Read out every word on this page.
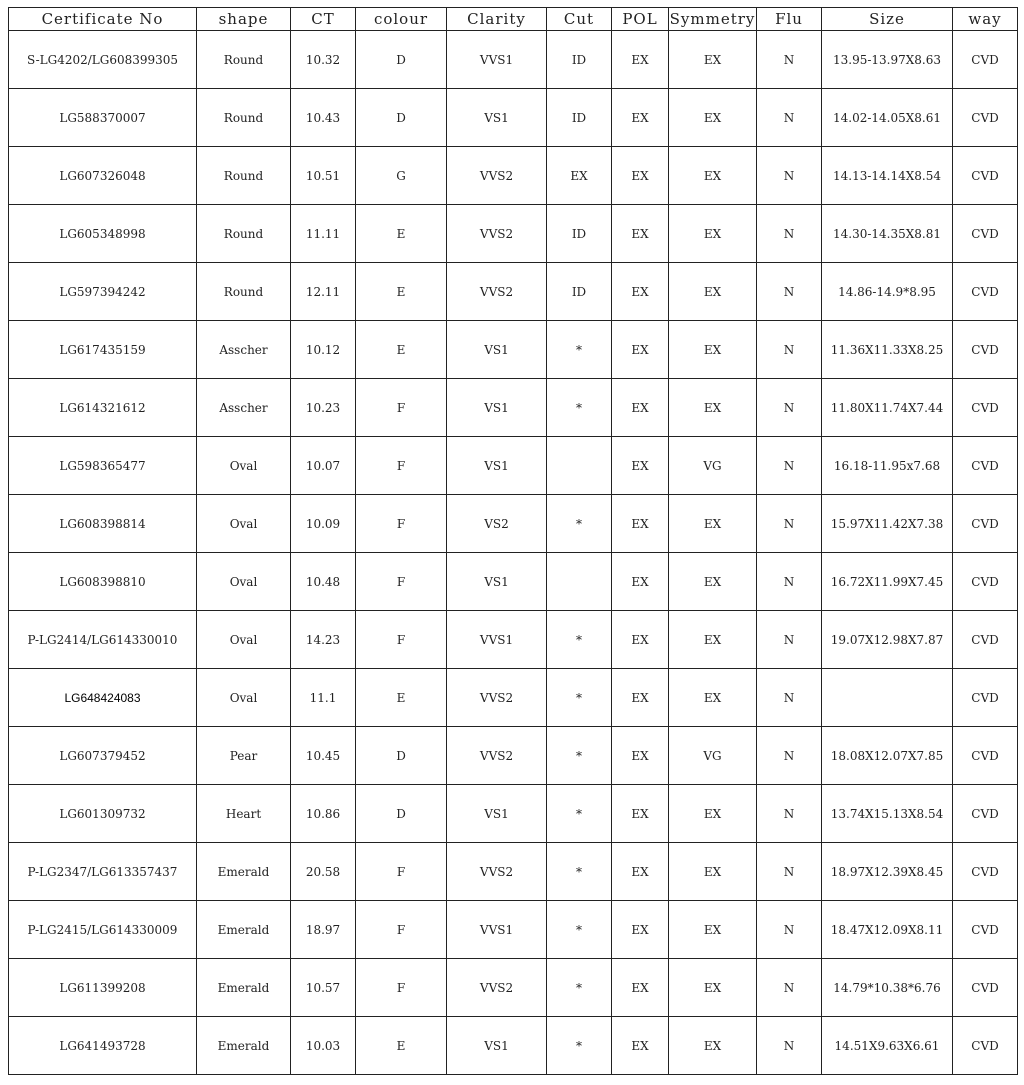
Certificate No	shape	CT	colour	Clarity	Cut	POL	Symmetry	Flu	Size	way
S-LG4202/LG608399305	Round	10.32	D	VVS1	ID	EX	EX	N	13.95-13.97X8.63	CVD
LG588370007	Round	10.43	D	VS1	ID	EX	EX	N	14.02-14.05X8.61	CVD
LG607326048	Round	10.51	G	VVS2	EX	EX	EX	N	14.13-14.14X8.54	CVD
LG605348998	Round	11.11	E	VVS2	ID	EX	EX	N	14.30-14.35X8.81	CVD
LG597394242	Round	12.11	E	VVS2	ID	EX	EX	N	14.86-14.9*8.95	CVD
LG617435159	Asscher	10.12	E	VS1	*	EX	EX	N	11.36X11.33X8.25	CVD
LG614321612	Asscher	10.23	F	VS1	*	EX	EX	N	11.80X11.74X7.44	CVD
LG598365477	Oval	10.07	F	VS1		EX	VG	N	16.18-11.95x7.68	CVD
LG608398814	Oval	10.09	F	VS2	*	EX	EX	N	15.97X11.42X7.38	CVD
LG608398810	Oval	10.48	F	VS1		EX	EX	N	16.72X11.99X7.45	CVD
P-LG2414/LG614330010	Oval	14.23	F	VVS1	*	EX	EX	N	19.07X12.98X7.87	CVD
LG648424083	Oval	11.1	E	VVS2	*	EX	EX	N		CVD
LG607379452	Pear	10.45	D	VVS2	*	EX	VG	N	18.08X12.07X7.85	CVD
LG601309732	Heart	10.86	D	VS1	*	EX	EX	N	13.74X15.13X8.54	CVD
P-LG2347/LG613357437	Emerald	20.58	F	VVS2	*	EX	EX	N	18.97X12.39X8.45	CVD
P-LG2415/LG614330009	Emerald	18.97	F	VVS1	*	EX	EX	N	18.47X12.09X8.11	CVD
LG611399208	Emerald	10.57	F	VVS2	*	EX	EX	N	14.79*10.38*6.76	CVD
LG641493728	Emerald	10.03	E	VS1	*	EX	EX	N	14.51X9.63X6.61	CVD
